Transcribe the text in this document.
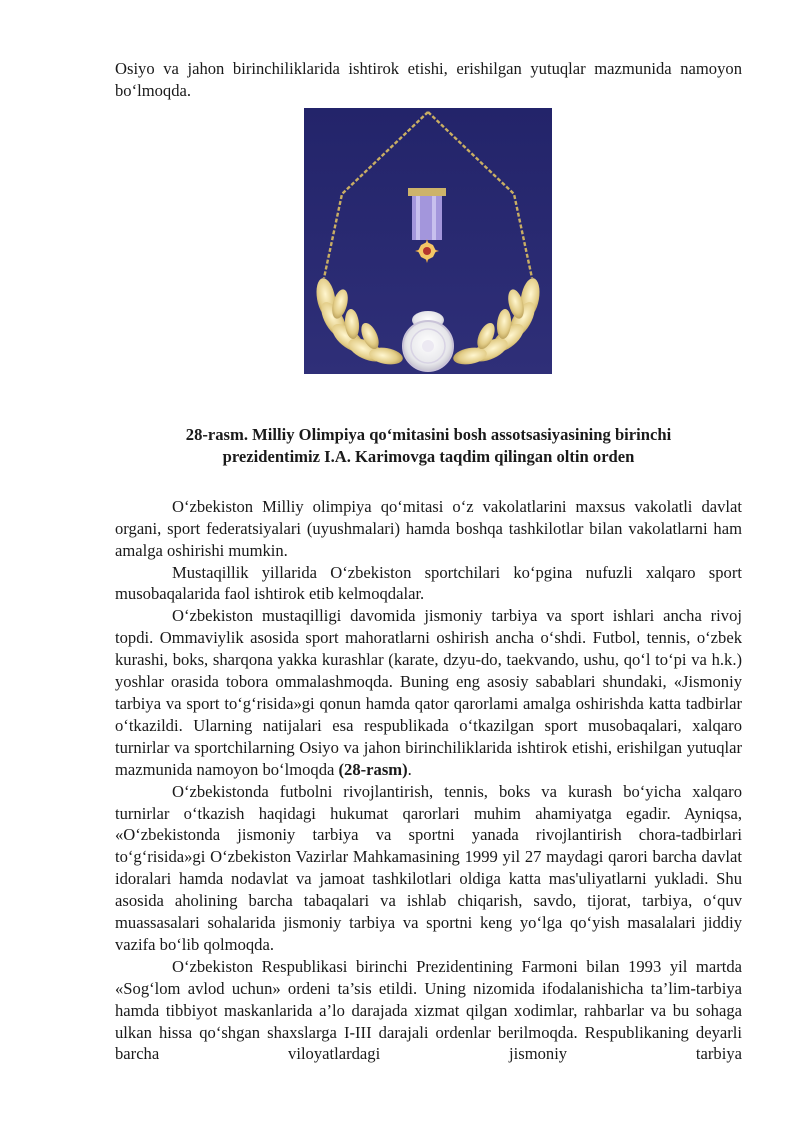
Osiyo va jahon birinchiliklarida ishtirok etishi, erishilgan yutuqlar mazmunida namoyon bo‘lmoqda.

28-rasm. Milliy Olimpiya qo‘mitasini bosh assotsasiyasining birinchi
prezidentimiz I.A. Karimovga taqdim qilingan oltin orden

O‘zbekiston Milliy olimpiya qo‘mitasi o‘z vakolatlarini maxsus vakolatli davlat organi, sport federatsiyalari (uyushmalari) hamda boshqa tashkilotlar bilan vakolatlarni ham amalga oshirishi mumkin.

Mustaqillik yillarida O‘zbekiston sportchilari ko‘pgina nufuzli xalqaro sport musobaqalarida faol ishtirok etib kelmoqdalar.

O‘zbekiston mustaqilligi davomida jismoniy tarbiya va sport ishlari ancha rivoj topdi. Ommaviylik asosida sport mahoratlarni oshirish ancha o‘shdi. Futbol, tennis, o‘zbek kurashi, boks, sharqona yakka kurashlar (karate, dzyu-do, taekvando, ushu, qo‘l to‘pi va h.k.) yoshlar orasida tobora ommalashmoqda. Buning eng asosiy sabablari shundaki, «Jismoniy tarbiya va sport to‘g‘risida»gi qonun hamda qator qarorlami amalga oshirishda katta tadbirlar o‘tkazildi. Ularning natijalari esa respublikada o‘tkazilgan sport musobaqalari, xalqaro turnirlar va sportchilarning Osiyo va jahon birinchiliklarida ishtirok etishi, erishilgan yutuqlar mazmunida namoyon bo‘lmoqda (28-rasm).

O‘zbekistonda futbolni rivojlantirish, tennis, boks va kurash bo‘yicha xalqaro turnirlar o‘tkazish haqidagi hukumat qarorlari muhim ahamiyatga egadir. Ayniqsa, «O‘zbekistonda jismoniy tarbiya va sportni yanada rivojlantirish chora-tadbirlari to‘g‘risida»gi O‘zbekiston Vazirlar Mahkamasining 1999 yil 27 maydagi qarori barcha davlat idoralari hamda nodavlat va jamoat tashkilotlari oldiga katta mas'uliyatlarni yukladi. Shu asosida aholining barcha tabaqalari va ishlab chiqarish, savdo, tijorat, tarbiya, o‘quv muassasalari sohalarida jismoniy tarbiya va sportni keng yo‘lga qo‘yish masalalari jiddiy vazifa bo‘lib qolmoqda.

O‘zbekiston Respublikasi birinchi Prezidentining Farmoni bilan 1993 yil martda «Sog‘lom avlod uchun» ordeni ta’sis etildi. Uning nizomida ifodalanishicha ta’lim-tarbiya hamda tibbiyot maskanlarida a’lo darajada xizmat qilgan xodimlar, rahbarlar va bu sohaga ulkan hissa qo‘shgan shaxslarga I-III darajali ordenlar berilmoqda. Respublikaning deyarli barcha viloyatlardagi jismoniy tarbiya
